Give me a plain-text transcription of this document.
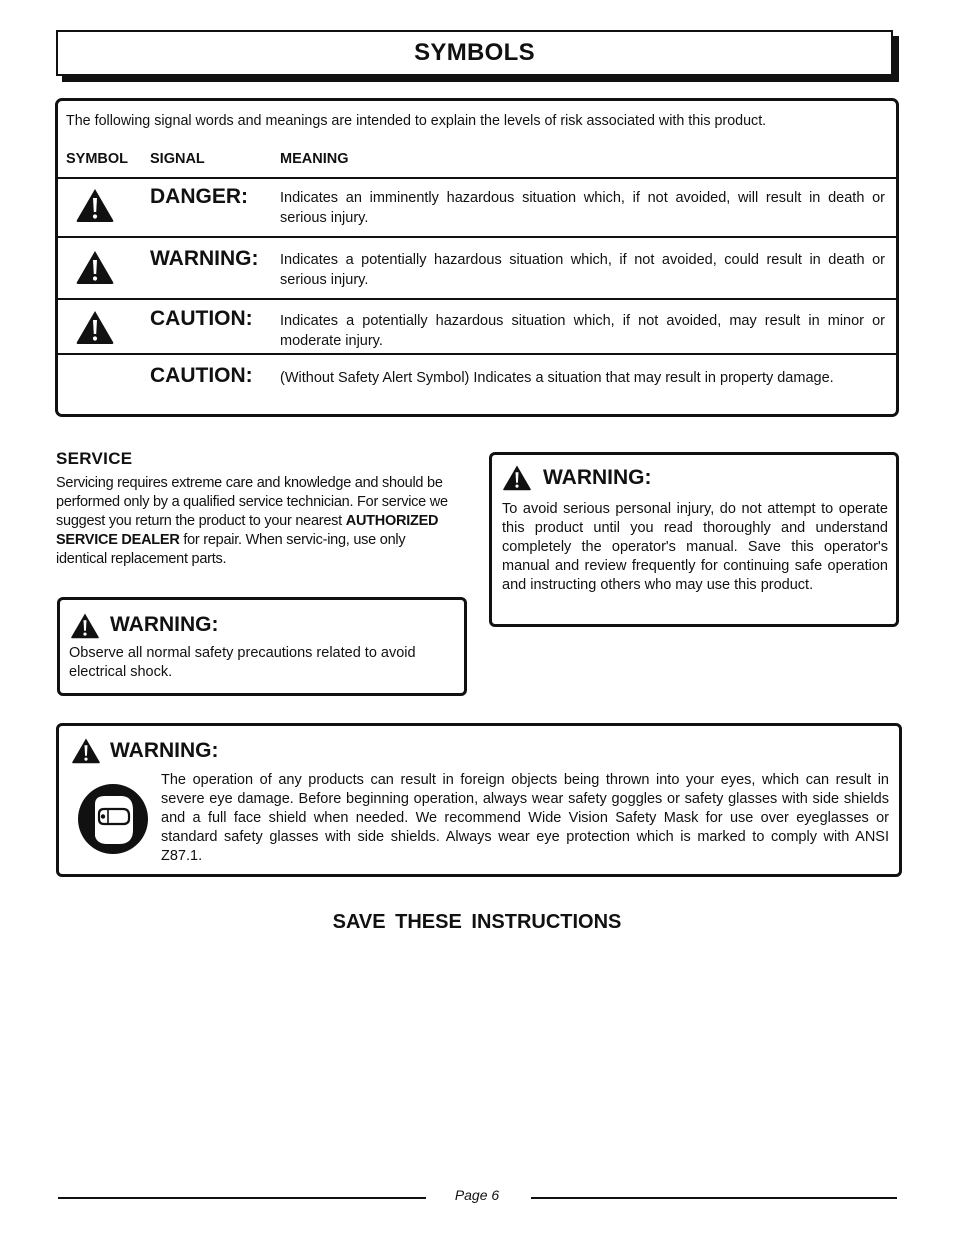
SYMBOLS
The following signal words and meanings are intended to explain the levels of risk associated with this product.
SYMBOL SIGNAL	MEANING
DANGER: Indicates an imminently hazardous situation which, if not avoided, will result in death or serious injury.
WARNING: Indicates a potentially hazardous situation which, if not avoided, could result in death or serious injury.
CAUTION: Indicates a potentially hazardous situation which, if not avoided, may result in minor or moderate injury.
CAUTION: (Without Safety Alert Symbol) Indicates a situation that may result in property damage.
SERVICE
Servicing requires extreme care and knowledge and should be performed only by a qualified service technician. For service we suggest you return the product to your nearest AUTHORIZED SERVICE DEALER for repair. When servic-ing, use only identical replacement parts.
WARNING:
To avoid serious personal injury, do not attempt to operate this product until you read thoroughly and understand completely the operator's manual. Save this operator's manual and review frequently for continuing safe operation and instructing others who may use this product.
WARNING:
Observe all normal safety precautions related to avoid electrical shock.
WARNING:
The operation of any products can result in foreign objects being thrown into your eyes, which can result in severe eye damage. Before beginning operation, always wear safety goggles or safety glasses with side shields and a full face shield when needed. We recommend Wide Vision Safety Mask for use over eyeglasses or standard safety glasses with side shields. Always wear eye protection which is marked to comply with ANSI Z87.1.
SAVE THESE INSTRUCTIONS
Page 6
